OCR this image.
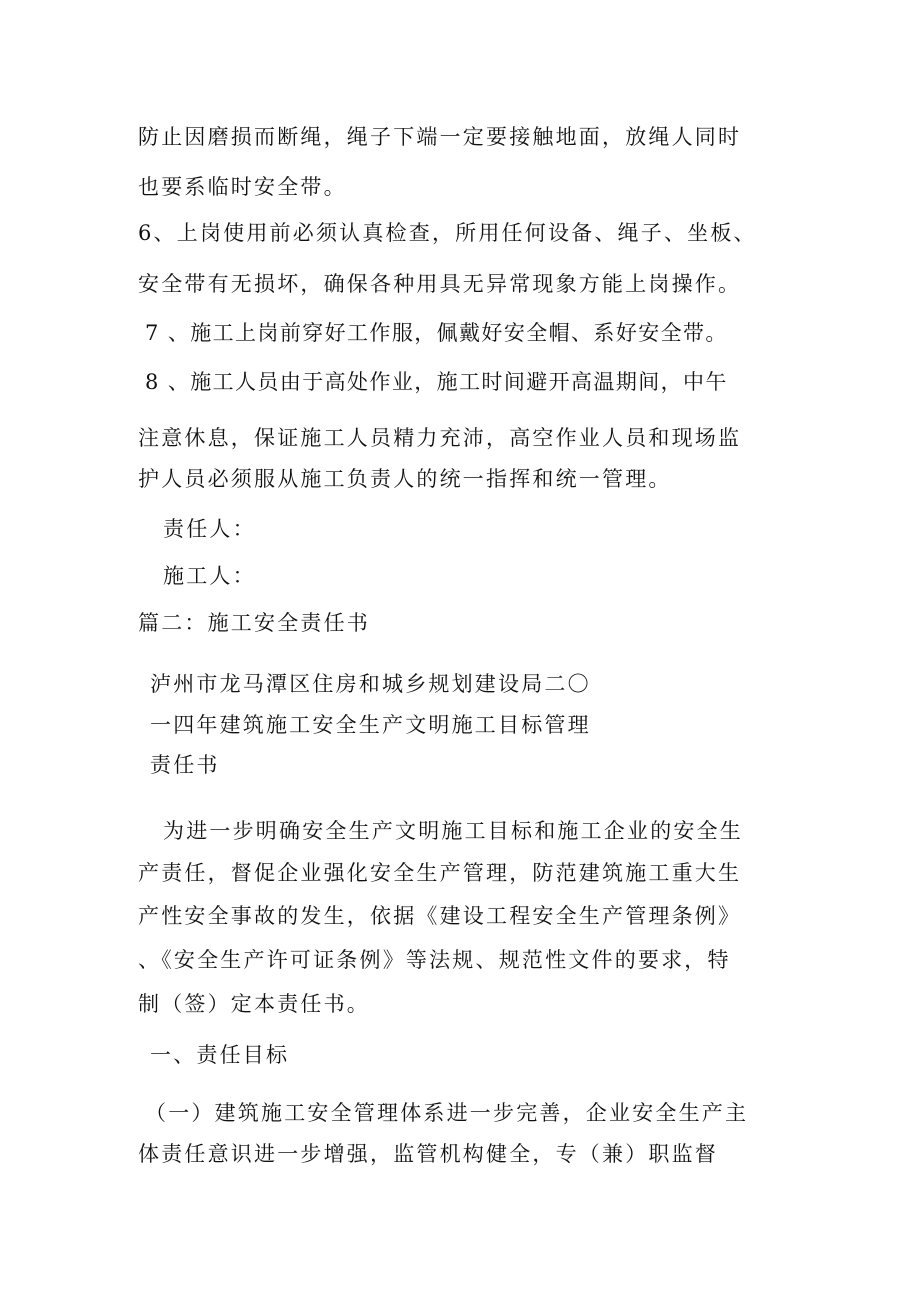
防止因磨损而断绳，绳子下端一定要接触地面，放绳人同时
也要系临时安全带。
6、上岗使用前必须认真检查，所用任何设备、绳子、坐板、
安全带有无损坏，确保各种用具无异常现象方能上岗操作。
7 、施工上岗前穿好工作服，佩戴好安全帽、系好安全带。
8 、施工人员由于高处作业，施工时间避开高温期间，中午
注意休息，保证施工人员精力充沛，高空作业人员和现场监
护人员必须服从施工负责人的统一指挥和统一管理。
责任人：
施工人：
篇二：施工安全责任书
泸州市龙马潭区住房和城乡规划建设局二〇
一四年建筑施工安全生产文明施工目标管理
责任书
为进一步明确安全生产文明施工目标和施工企业的安全生
产责任，督促企业强化安全生产管理，防范建筑施工重大生
产性安全事故的发生，依据《建设工程安全生产管理条例》
、《安全生产许可证条例》等法规、规范性文件的要求，特
制（签）定本责任书。
一、责任目标
（一）建筑施工安全管理体系进一步完善，企业安全生产主
体责任意识进一步增强，监管机构健全，专（兼）职监督
